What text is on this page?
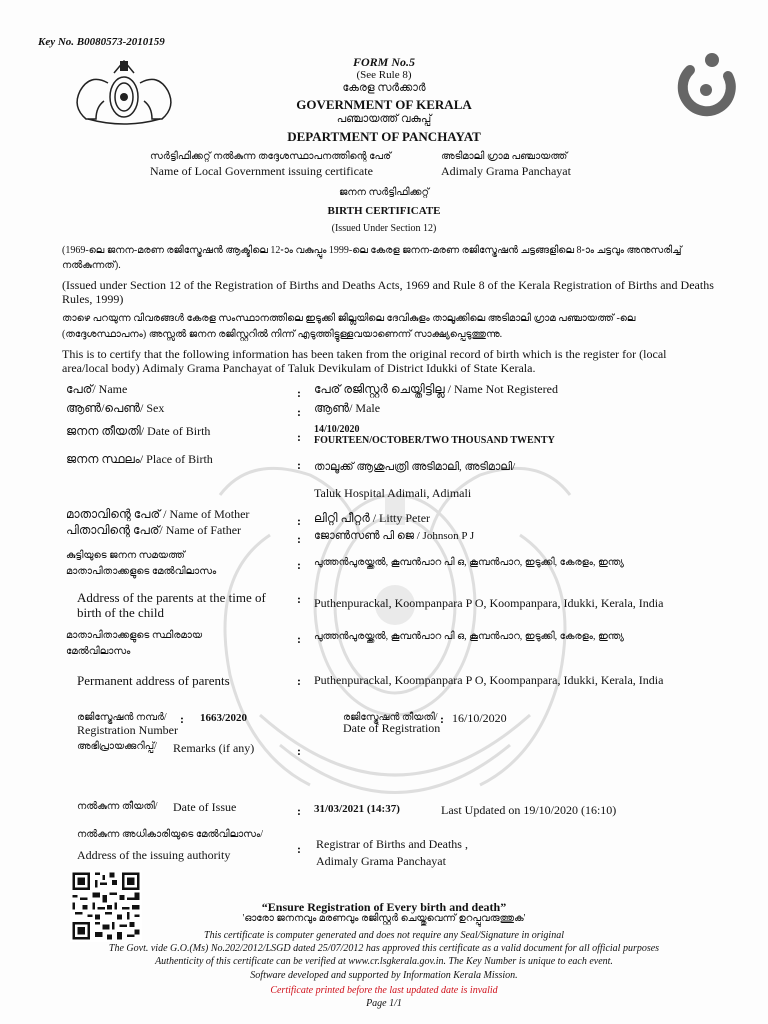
Key No. B0080573-2010159
FORM No.5
(See Rule 8)
കേരള സർക്കാർ
GOVERNMENT OF KERALA
പഞ്ചായത്ത് വകുപ്പ്
DEPARTMENT OF PANCHAYAT
സർട്ടിഫിക്കറ്റ് നൽകുന്ന തദ്ദേശസ്ഥാപനത്തിന്റെ പേര്	അടിമാലി ഗ്രാമ പഞ്ചായത്ത്
Name of Local Government issuing certificate	Adimaly Grama Panchayat
ജനന സർട്ടിഫിക്കറ്റ്
BIRTH CERTIFICATE
(Issued Under Section 12)
(1969-ലെ ജനന-മരണ രജിസ്ട്രേഷൻ ആക്ടിലെ 12-ാം വകുപ്പും 1999-ലെ കേരള ജനന-മരണ രജിസ്ട്രേഷൻ ചട്ടങ്ങളിലെ 8-ാം ചട്ടവും അനുസരിച്ച് നൽകുന്നത്).
(Issued under Section 12 of the Registration of Births and Deaths Acts, 1969 and Rule 8 of the Kerala Registration of Births and Deaths Rules, 1999)
താഴെ പറയുന്ന വിവരങ്ങൾ കേരള സംസ്ഥാനത്തിലെ ഇടുക്കി ജില്ലയിലെ ദേവികുളം താലൂക്കിലെ അടിമാലി ഗ്രാമ പഞ്ചായത്ത് -ലെ (തദ്ദേശസ്ഥാപനം) അസ്സൽ ജനന രജിസ്റ്ററിൽ നിന്ന് എടുത്തിട്ടുള്ളവയാണെന്ന് സാക്ഷ്യപ്പെടുത്തുന്നു.
This is to certify that the following information has been taken from the original record of birth which is the register for (local area/local body) Adimaly Grama Panchayat of Taluk Devikulam of District Idukki of State Kerala.
പേര്/ Name	: പേര് രജിസ്റ്റർ ചെയ്തിട്ടില്ല / Name Not Registered
ആൺ/പെൺ/ Sex	: ആൺ/ Male
ജനന തീയതി/ Date of Birth	:
14/10/2020
FOURTEEN/OCTOBER/TWO THOUSAND TWENTY
ജനന സ്ഥലം/ Place of Birth	: താലൂക്ക് ആശുപത്രി അടിമാലി, അടിമാലി/
Taluk Hospital Adimali, Adimali
മാതാവിന്റെ പേര് / Name of Mother	: ലിറ്റി പീറ്റർ / Litty Peter
പിതാവിന്റെ പേര്/ Name of Father
: ജോൺസൺ പി ജെ / Johnson P J
കുട്ടിയുടെ ജനന സമയത്ത്
മാതാപിതാക്കളുടെ മേൽവിലാസം	: പുത്തൻപുരയ്ക്കൽ, കൂമ്പൻപാറ പി ഒ, കൂമ്പൻപാറ, ഇടുക്കി, കേരളം, ഇന്ത്യ
Address of the parents at the time of
birth of the child
: Puthenpurackal, Koompanpara P O, Koompanpara, Idukki, Kerala, India
മാതാപിതാക്കളുടെ സ്ഥിരമായ
മേൽവിലാസം
: പുത്തൻപുരയ്ക്കൽ, കൂമ്പൻപാറ പി ഒ, കൂമ്പൻപാറ, ഇടുക്കി, കേരളം, ഇന്ത്യ
Permanent address of parents	: Puthenpurackal, Koompanpara P O, Koompanpara, Idukki, Kerala, India
രജിസ്ട്രേഷൻ നമ്പർ/ : 1663/2020
Registration Number
രജിസ്ട്രേഷൻ തീയതി/ : 16/10/2020
Date of Registration
അഭിപ്രായക്കുറിപ്പ്/ Remarks (if any)	:
നൽകുന്ന തീയതി/ Date of Issue	: 31/03/2021 (14:37)	Last Updated on 19/10/2020 (16:10)
നൽകുന്ന അധികാരിയുടെ മേൽവിലാസം/
Address of the issuing authority	: Registrar of Births and Deaths ,
Adimaly Grama Panchayat
“Ensure Registration of Every birth and death”
'ഓരോ ജനനവും മരണവും രജിസ്റ്റർ ചെയ്തുവെന്ന് ഉറപ്പുവരുത്തുക'
This certificate is computer generated and does not require any Seal/Signature in original
The Govt. vide G.O.(Ms) No.202/2012/LSGD dated 25/07/2012 has approved this certificate as a valid document for all official purposes
Authenticity of this certificate can be verified at www.cr.lsgkerala.gov.in. The Key Number is unique to each event.
Software developed and supported by Information Kerala Mission.
Certificate printed before the last updated date is invalid
Page 1/1
